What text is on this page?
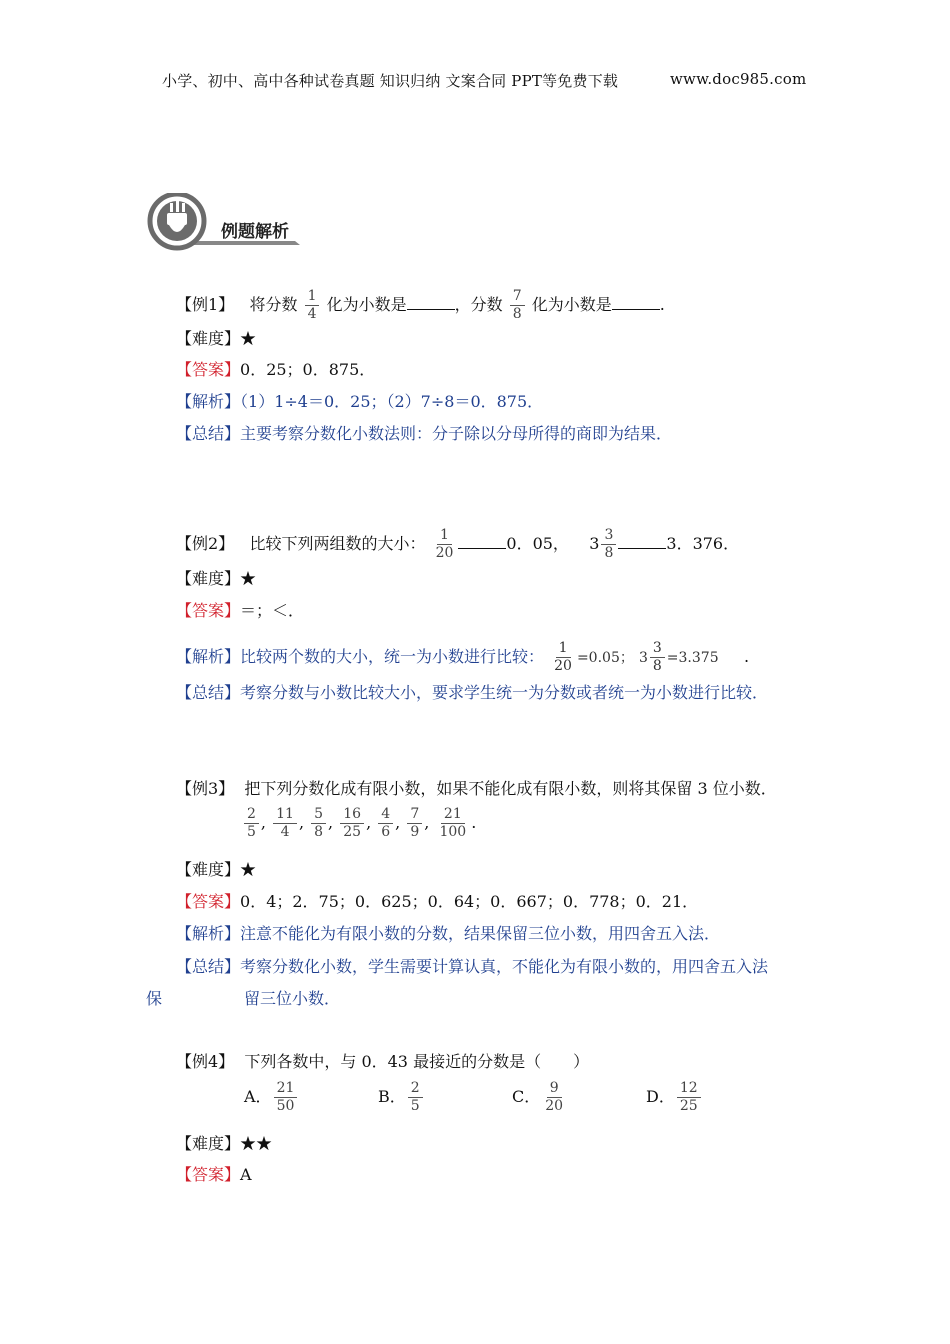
小学、初中、高中各种试卷真题 知识归纳 文案合同 PPT等免费下载	www.doc985.com
例题解析
【例1】 将分数 $\frac{1}{4}$ 化为小数是	，分数 $\frac{7}{8}$ 化为小数是	.
【难度】★
【答案】0．25；0．875．
【解析】（1）1÷4＝0．25；（2）7÷8＝0．875．
【总结】主要考察分数化小数法则：分子除以分母所得的商即为结果．
【例2】 比较下列两组数的大小： $\frac{1}{20}$	0．05， $3 \frac{3}{8}$	3．376．
【难度】★
【答案】＝；＜．
【解析】比较两个数的大小，统一为小数进行比较： $\frac{1}{20} =0.05$； $3 \frac{3}{8} =3.375$ .
【总结】考察分数与小数比较大小，要求学生统一为分数或者统一为小数进行比较．
【例3】 把下列分数化成有限小数，如果不能化成有限小数，则将其保留 3 位小数．
$\frac{2}{5}$ , $\frac{11}{4}$ , $\frac{5}{8}$ , $\frac{16}{25}$ , $\frac{4}{6}$ , $\frac{7}{9}$ , $\frac{21}{100}$ .
【难度】★
【答案】0．4；2．75；0．625；0．64；0．667；0．778；0．21．
【解析】注意不能化为有限小数的分数，结果保留三位小数，用四舍五入法．
【总结】考察分数化小数，学生需要计算认真，不能化为有限小数的，用四舍五入法
保	留三位小数．
【例4】 下列各数中，与 0．43 最接近的分数是（　　）
A． $\frac{21}{50}$	B． $\frac{2}{5}$	C． $\frac{9}{20}$	D． $\frac{12}{25}$
【难度】★★
【答案】A
